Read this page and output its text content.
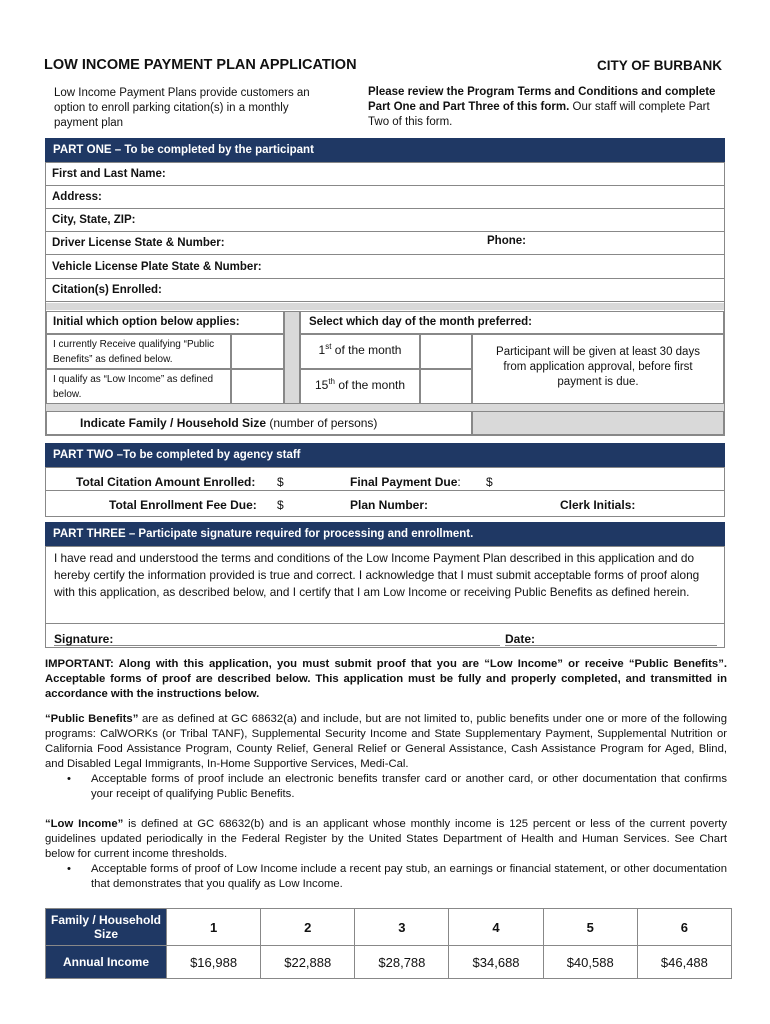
LOW INCOME PAYMENT PLAN APPLICATION	CITY OF BURBANK
Low Income Payment Plans provide customers an option to enroll parking citation(s) in a monthly payment plan
Please review the Program Terms and Conditions and complete Part One and Part Three of this form. Our staff will complete Part Two of this form.
PART ONE – To be completed by the participant
First and Last Name:
Address:
City, State, ZIP:
Driver License State & Number:	Phone:
Vehicle License Plate State & Number:
Citation(s) Enrolled:
Initial which option below applies:	Select which day of the month preferred:
I currently Receive qualifying “Public Benefits” as defined below.
I qualify as “Low Income” as defined below.
1st of the month
15th of the month
Participant will be given at least 30 days from application approval, before first payment is due.
Indicate Family / Household Size (number of persons)
PART TWO –To be completed by agency staff
Total Citation Amount Enrolled: $	Final Payment Due: $
Total Enrollment Fee Due: $	Plan Number:	Clerk Initials:
PART THREE – Participate signature required for processing and enrollment.
I have read and understood the terms and conditions of the Low Income Payment Plan described in this application and do hereby certify the information provided is true and correct. I acknowledge that I must submit acceptable forms of proof along with this application, as described below, and I certify that I am Low Income or receiving Public Benefits as defined herein.
Signature:	Date:
IMPORTANT: Along with this application, you must submit proof that you are “Low Income” or receive “Public Benefits”. Acceptable forms of proof are described below. This application must be fully and properly completed, and transmitted in accordance with the instructions below.
“Public Benefits” are as defined at GC 68632(a) and include, but are not limited to, public benefits under one or more of the following programs: CalWORKs (or Tribal TANF), Supplemental Security Income and State Supplementary Payment, Supplemental Nutrition or California Food Assistance Program, County Relief, General Relief or General Assistance, Cash Assistance Program for Aged, Blind, and Disabled Legal Immigrants, In-Home Supportive Services, Medi-Cal.
• Acceptable forms of proof include an electronic benefits transfer card or another card, or other documentation that confirms your receipt of qualifying Public Benefits.
“Low Income” is defined at GC 68632(b) and is an applicant whose monthly income is 125 percent or less of the current poverty guidelines updated periodically in the Federal Register by the United States Department of Health and Human Services. See Chart below for current income thresholds.
• Acceptable forms of proof of Low Income include a recent pay stub, an earnings or financial statement, or other documentation that demonstrates that you qualify as Low Income.
Family / Household Size	1	2	3	4	5	6
Annual Income	$16,988	$22,888	$28,788	$34,688	$40,588	$46,488
